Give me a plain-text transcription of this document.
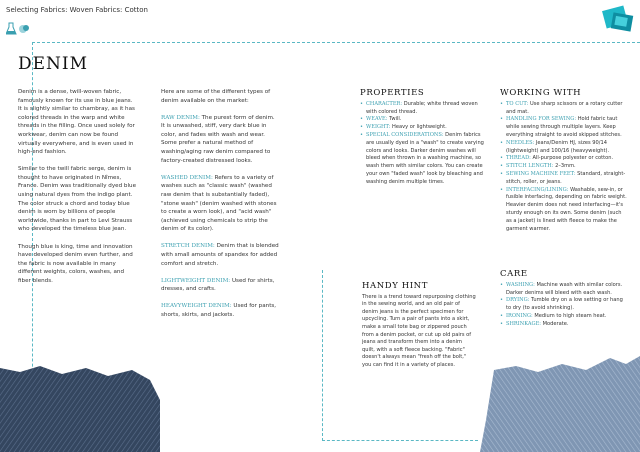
Selecting Fabrics: Woven Fabrics: Cotton
DENIM

Denim is a dense, twill-woven fabric, famously known for its use in blue jeans. It is slightly similar to chambray, as it has colored threads in the warp and white threads in the filling. Once used solely for workwear, denim can now be found virtually everywhere, and is even used in high-end fashion.

Similar to the twill fabric serge, denim is thought to have originated in Nîmes, France. Denim was traditionally dyed blue using natural dyes from the indigo plant. The color struck a chord and today blue denim is worn by billions of people worldwide, thanks in part to Levi Strauss who developed the timeless blue jean.

Though blue is king, time and innovation have developed denim even further, and the fabric is now available in many different weights, colors, washes, and fiber blends.

Here are some of the different types of denim available on the market:

RAW DENIM: The purest form of denim. It is unwashed, stiff, very dark blue in color, and fades with wash and wear. Some prefer a natural method of washing/aging raw denim compared to factory-created distressed looks.

WASHED DENIM: Refers to a variety of washes such as "classic wash" (washed raw denim that is substantially faded), "stone wash" (denim washed with stones to create a worn look), and "acid wash" (achieved using chemicals to strip the denim of its color).

STRETCH DENIM: Denim that is blended with small amounts of spandex for added comfort and stretch.

LIGHTWEIGHT DENIM: Used for shirts, dresses, and crafts.

HEAVYWEIGHT DENIM: Used for pants, shorts, skirts, and jackets.

PROPERTIES
• CHARACTER: Durable; white thread woven with colored thread.
• WEAVE: Twill.
• WEIGHT: Heavy or lightweight.
• SPECIAL CONSIDERATIONS: Denim fabrics are usually dyed in a "wash" to create varying colors and looks. Darker denim washes will bleed when thrown in a washing machine, so wash them with similar colors. You can create your own "faded wash" look by bleaching and washing denim multiple times.
WORKING WITH
• TO CUT: Use sharp scissors or a rotary cutter and mat.
• HANDLING FOR SEWING: Hold fabric taut while sewing through multiple layers. Keep everything straight to avoid skipped stitches.
• NEEDLES: Jeans/Denim HJ, sizes 90/14 (lightweight) and 100/16 (heavyweight).
• THREAD: All-purpose polyester or cotton.
• STITCH LENGTH: 2–3mm.
• SEWING MACHINE FEET: Standard, straight-stitch, roller, or jeans.
• INTERFACING/LINING: Washable, sew-in, or fusible interfacing, depending on fabric weight. Heavier denim does not need interfacing—it's sturdy enough on its own. Some denim (such as a jacket) is lined with fleece to make the garment warmer.
CARE
• WASHING: Machine wash with similar colors. Darker denims will bleed with each wash.
• DRYING: Tumble dry on a low setting or hang to dry (to avoid shrinking).
• IRONING: Medium to high steam heat.
• SHRINKAGE: Moderate.
HANDY HINT
There is a trend toward repurposing clothing in the sewing world, and an old pair of denim jeans is the perfect specimen for upcycling. Turn a pair of pants into a skirt, make a small tote bag or zippered pouch from a denim pocket, or cut up old pairs of jeans and transform them into a denim quilt, with a soft fleece backing. "Fabric" doesn't always mean "fresh off the bolt," you can find it in a variety of places.
